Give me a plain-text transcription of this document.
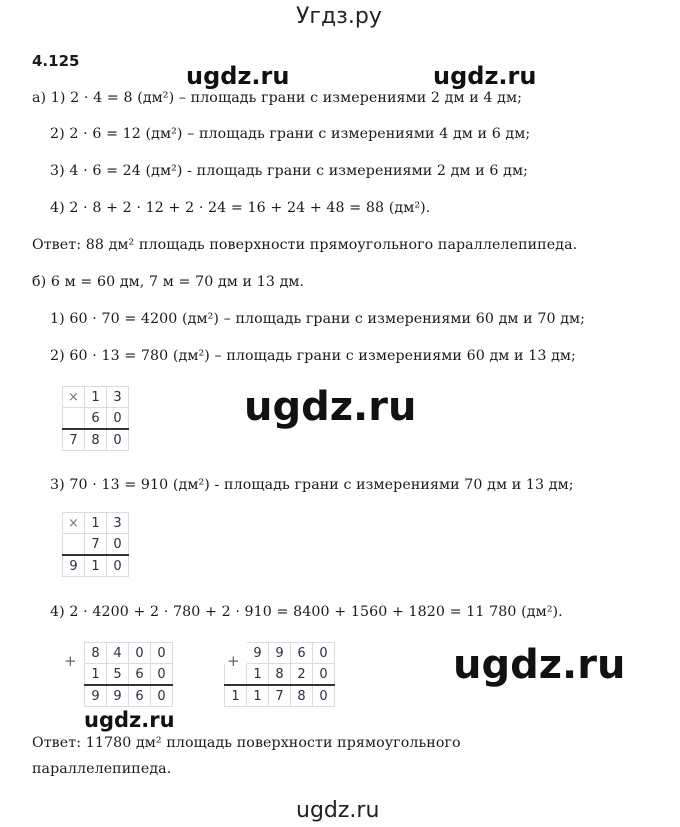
Угдз.ру
4.125
ugdz.ru	ugdz.ru
а) 1) 2 · 4 = 8 (дм²) – площадь грани с измерениями 2 дм и 4 дм;
2) 2 · 6 = 12 (дм²) – площадь грани с измерениями 4 дм и 6 дм;
3) 4 · 6 = 24 (дм²) - площадь грани с измерениями 2 дм и 6 дм;
4) 2 · 8 + 2 · 12 + 2 · 24 = 16 + 24 + 48 = 88 (дм²).
Ответ: 88 дм² площадь поверхности прямоугольного параллелепипеда.
б) 6 м = 60 дм, 7 м = 70 дм и 13 дм.
1) 60 · 70 = 4200 (дм²) – площадь грани с измерениями 60 дм и 70 дм;
2) 60 · 13 = 780 (дм²) – площадь грани с измерениями 60 дм и 13 дм;
×	1	3
	6	0
7	8	0
ugdz.ru
3) 70 · 13 = 910 (дм²) - площадь грани с измерениями 70 дм и 13 дм;
×	1	3
	7	0
9	1	0
4) 2 · 4200 + 2 · 780 + 2 · 910 = 8400 + 1560 + 1820 = 11 780 (дм²).
+ 8	4	0	0
1	5	6	0
9	9	6	0
+
	9	9	6	0
	1	8	2	0
1	1	7	8	0
ugdz.ru
ugdz.ru
Ответ: 11780 дм² площадь поверхности прямоугольного
параллелепипеда.
ugdz.ru
